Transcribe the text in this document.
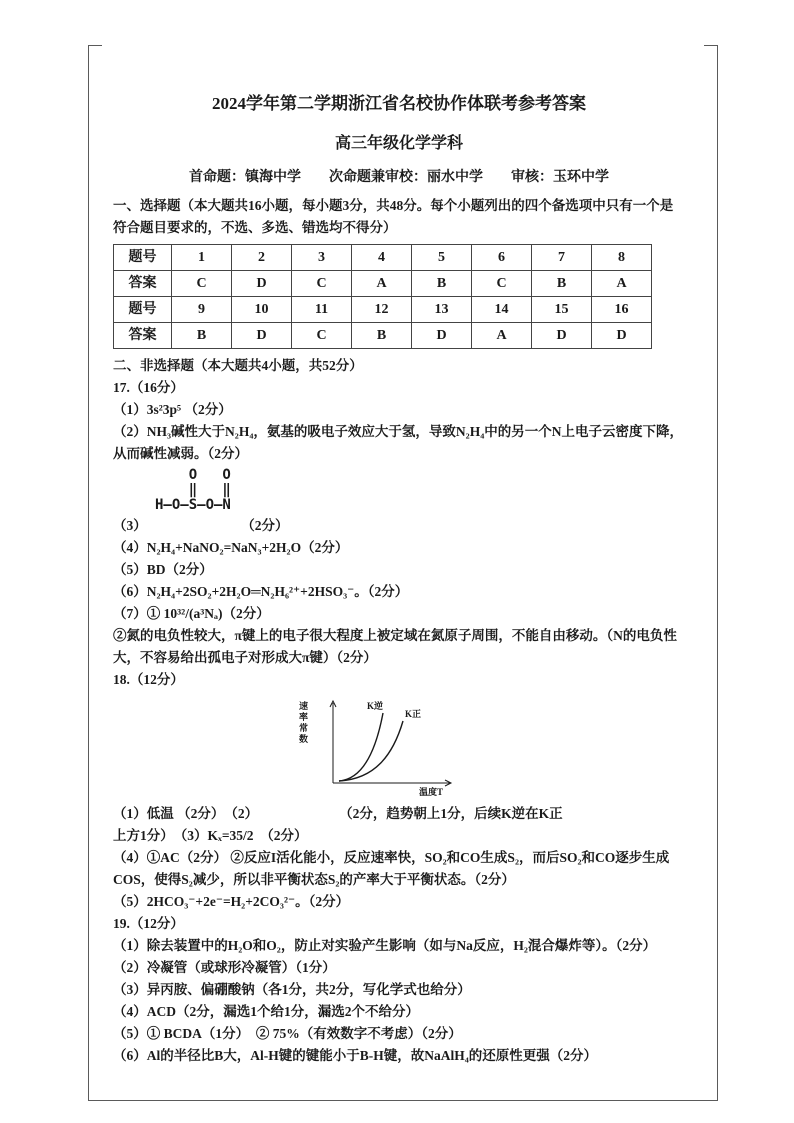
2024学年第二学期浙江省名校协作体联考参考答案
高三年级化学学科
首命题：镇海中学　　次命题兼审校：丽水中学　　审核：玉环中学

一、选择题（本大题共16小题，每小题3分，共48分。每个小题列出的四个备选项中只有一个是符合题目要求的，不选、多选、错选均不得分）

题号	1	2	3	4	5	6	7	8
答案	C	D	C	A	B	C	B	A
题号	9	10	11	12	13	14	15	16
答案	B	D	C	B	D	A	D	D

二、非选择题（本大题共4小题，共52分）

17.（16分）

（1）3s²3p⁵ （2分）

（2）NH₃碱性大于N₂H₄，氨基的吸电子效应大于氢，导致N₂H₄中的另一个N上电子云密度下降，从而碱性减弱。（2分）

O   O
‖   ‖
H—O—S—O—N

（3）　　　　　　　　（2分）

（4）N₂H₄+NaNO₂=NaN₃+2H₂O（2分）

（5）BD（2分）

（6）N₂H₄+2SO₂+2H₂O═N₂H₆²⁺+2HSO₃⁻。（2分）

（7）① 10³²/(a³Nₐ)（2分）

②氮的电负性较大，π键上的电子很大程度上被定域在氮原子周围，不能自由移动。（N的电负性大，不容易给出孤电子对形成大π键）（2分）

18.（12分）

速率常数	K逆
K正
温度T

（1）低温 （2分）　（2）　　　　　　　（2分，趋势朝上1分，后续K逆在K正

上方1分）　（3）Kₓ=35/2　（2分）

（4）①AC（2分） ②反应I活化能小，反应速率快，SO₂和CO生成S₂，而后SO₂和CO逐步生成COS，使得S₂减少，所以非平衡状态S₂的产率大于平衡状态。（2分）

（5）2HCO₃⁻+2e⁻=H₂+2CO₃²⁻。（2分）

19.（12分）

（1）除去装置中的H₂O和O₂，防止对实验产生影响（如与Na反应，H₂混合爆炸等）。（2分）

（2）冷凝管（或球形冷凝管）（1分）

（3）异丙胺、偏硼酸钠（各1分，共2分，写化学式也给分）

（4）ACD（2分，漏选1个给1分，漏选2个不给分）

（5）① BCDA（1分）　② 75%（有效数字不考虑）（2分）

（6）Al的半径比B大，Al-H键的键能小于B-H键，故NaAlH₄的还原性更强（2分）
